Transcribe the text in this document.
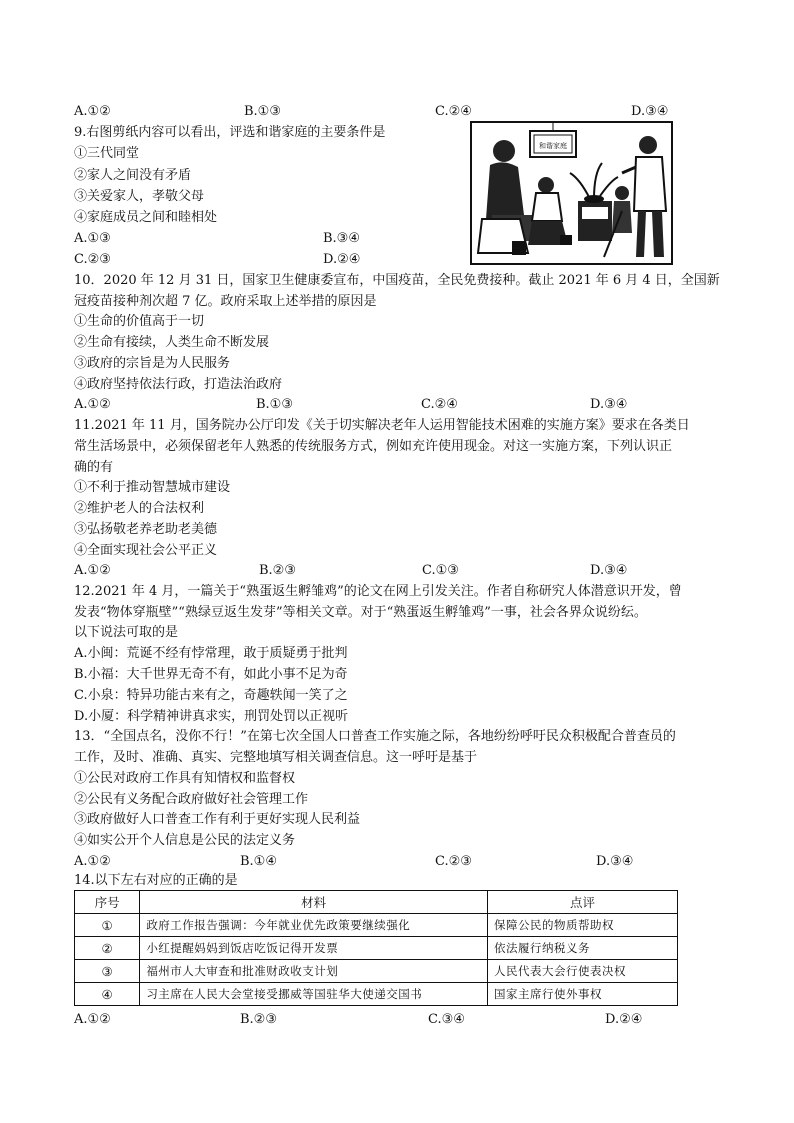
A.①②	B.①③	C.②④	D.③④
9.右图剪纸内容可以看出，评选和谐家庭的主要条件是
①三代同堂
②家人之间没有矛盾
③关爱家人，孝敬父母
④家庭成员之间和睦相处
A.①③	B.③④
C.②③	D.②④
和谐家庭
10．2020 年 12 月 31 日，国家卫生健康委宣布，中国疫苗，全民免费接种。截止 2021 年 6 月 4 日，全国新
冠疫苗接种剂次超 7 亿。政府采取上述举措的原因是
①生命的价值高于一切
②生命有接续，人类生命不断发展
③政府的宗旨是为人民服务
④政府坚持依法行政，打造法治政府
A.①②	B.①③	C.②④	D.③④
11.2021 年 11 月，国务院办公厅印发《关于切实解决老年人运用智能技术困难的实施方案》要求在各类日
常生活场景中，必须保留老年人熟悉的传统服务方式，例如充许使用现金。对这一实施方案，下列认识正
确的有
①不利于推动智慧城市建设
②维护老人的合法权利
③弘扬敬老养老助老美德
④全面实现社会公平正义
A.①②	B.②③	C.①③	D.③④
12.2021 年 4 月，一篇关于“熟蛋返生孵雏鸡”的论文在网上引发关注。作者自称研究人体潜意识开发，曾
发表“物体穿瓶壁”“熟绿豆返生发芽”等相关文章。对于“熟蛋返生孵雏鸡”一事，社会各界众说纷纭。
以下说法可取的是
A.小闽：荒诞不经有悖常理，敢于质疑勇于批判
B.小福：大千世界无奇不有，如此小事不足为奇
C.小泉：特异功能古来有之，奇趣轶闻一笑了之
D.小厦：科学精神讲真求实，刑罚处罚以正视听
13．“全国点名，没你不行！”在第七次全国人口普查工作实施之际，各地纷纷呼吁民众积极配合普查员的
工作，及时、准确、真实、完整地填写相关调查信息。这一呼吁是基于
①公民对政府工作具有知情权和监督权
②公民有义务配合政府做好社会管理工作
③政府做好人口普查工作有利于更好实现人民利益
④如实公开个人信息是公民的法定义务
A.①②	B.①④	C.②③	D.③④
14.以下左右对应的正确的是
序号	材料	点评
①	政府工作报告强调：今年就业优先政策要继续强化	保障公民的物质帮助权
②	小红提醒妈妈到饭店吃饭记得开发票	依法履行纳税义务
③	福州市人大审查和批准财政收支计划	人民代表大会行使表决权
④	习主席在人民大会堂接受挪威等国驻华大使递交国书	国家主席行使外事权
A.①②	B.②③	C.③④	D.②④
